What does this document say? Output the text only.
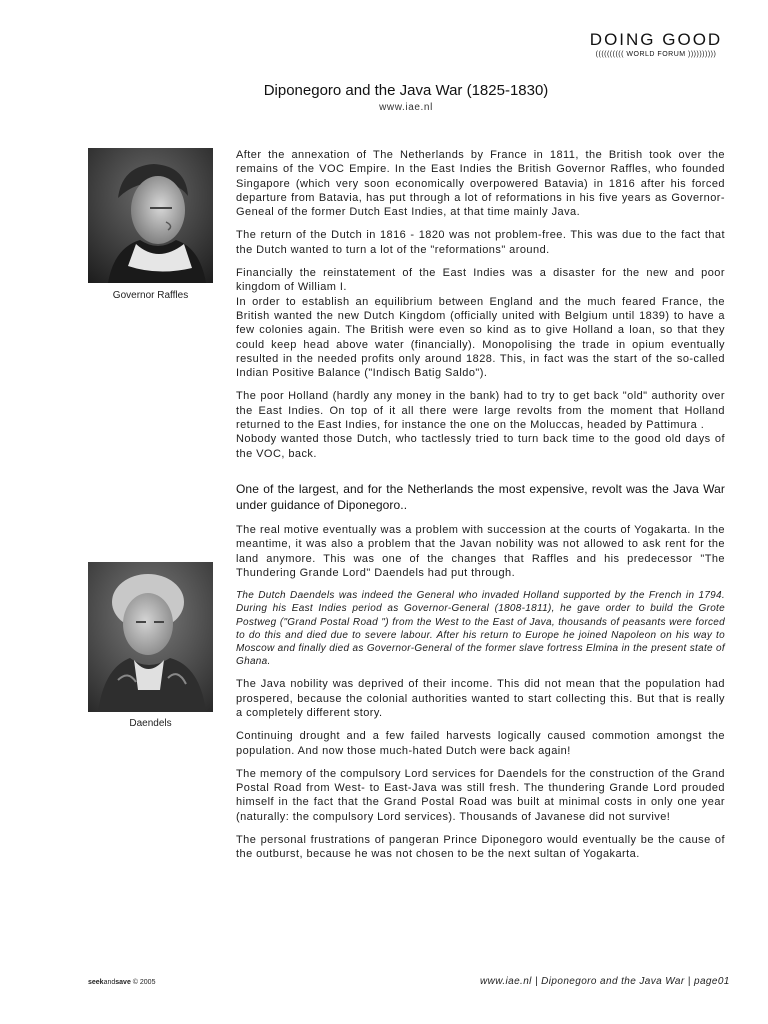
DOING GOOD
(((((((((( WORLD FORUM ))))))))))
Diponegoro and the Java War (1825-1830)
www.iae.nl
Governor Raffles
Daendels

After the annexation of The Netherlands by France in 1811, the British took over the remains of the VOC Empire. In the East Indies the British Governor Raffles, who founded Singapore (which very soon economically overpowered Batavia) in 1816 after his forced departure from Batavia, has put through a lot of reformations in his five years as Governor-Geneal of the former Dutch East Indies, at that time mainly Java.

The return of the Dutch in 1816 - 1820 was not problem-free. This was due to the fact that the Dutch wanted to turn a lot of the "reformations" around.

Financially the reinstatement of the East Indies was a disaster for the new and poor kingdom of William I.

In order to establish an equilibrium between England and the much feared France, the British wanted the new Dutch Kingdom (officially united with Belgium until 1839) to have a few colonies again. The British were even so kind as to give Holland a loan, so that they could keep head above water (financially). Monopolising the trade in opium eventually resulted in the needed profits only around 1828. This, in fact was the start of the so-called Indian Positive Balance ("Indisch Batig Saldo").

The poor Holland (hardly any money in the bank) had to try to get back "old" authority over the East Indies. On top of it all there were large revolts from the moment that Holland returned to the East Indies, for instance the one on the Moluccas, headed by Pattimura .

Nobody wanted those Dutch, who tactlessly tried to turn back time to the good old days of the VOC, back.

One of the largest, and for the Netherlands the most expensive, revolt was the Java War under guidance of Diponegoro..

The real motive eventually was a problem with succession at the courts of Yogakarta. In the meantime, it was also a problem that the Javan nobility was not allowed to ask rent for the land anymore. This was one of the changes that Raffles and his predecessor "The Thundering Grande Lord" Daendels had put through.

The Dutch Daendels was indeed the General who invaded Holland supported by the French in 1794. During his East Indies period as Governor-General (1808-1811), he gave order to build the Grote Postweg ("Grand Postal Road ") from the West to the East of Java, thousands of peasants were forced to do this and died due to severe labour. After his return to Europe he joined Napoleon on his way to Moscow and finally died as Governor-General of the former slave fortress Elmina in the present state of Ghana.

The Java nobility was deprived of their income. This did not mean that the population had prospered, because the colonial authorities wanted to start collecting this. But that is really a completely different story.

Continuing drought and a few failed harvests logically caused commotion amongst the population. And now those much-hated Dutch were back again!

The memory of the compulsory Lord services for Daendels for the construction of the Grand Postal Road from West- to East-Java was still fresh. The thundering Grande Lord prouded himself in the fact that the Grand Postal Road was built at minimal costs in only one year (naturally: the compulsory Lord services). Thousands of Javanese did not survive!

The personal frustrations of pangeran Prince Diponegoro would eventually be the cause of the outburst, because he was not chosen to be the next sultan of Yogakarta.

seekandsave © 2005	www.iae.nl | Diponegoro and the Java War | page01
